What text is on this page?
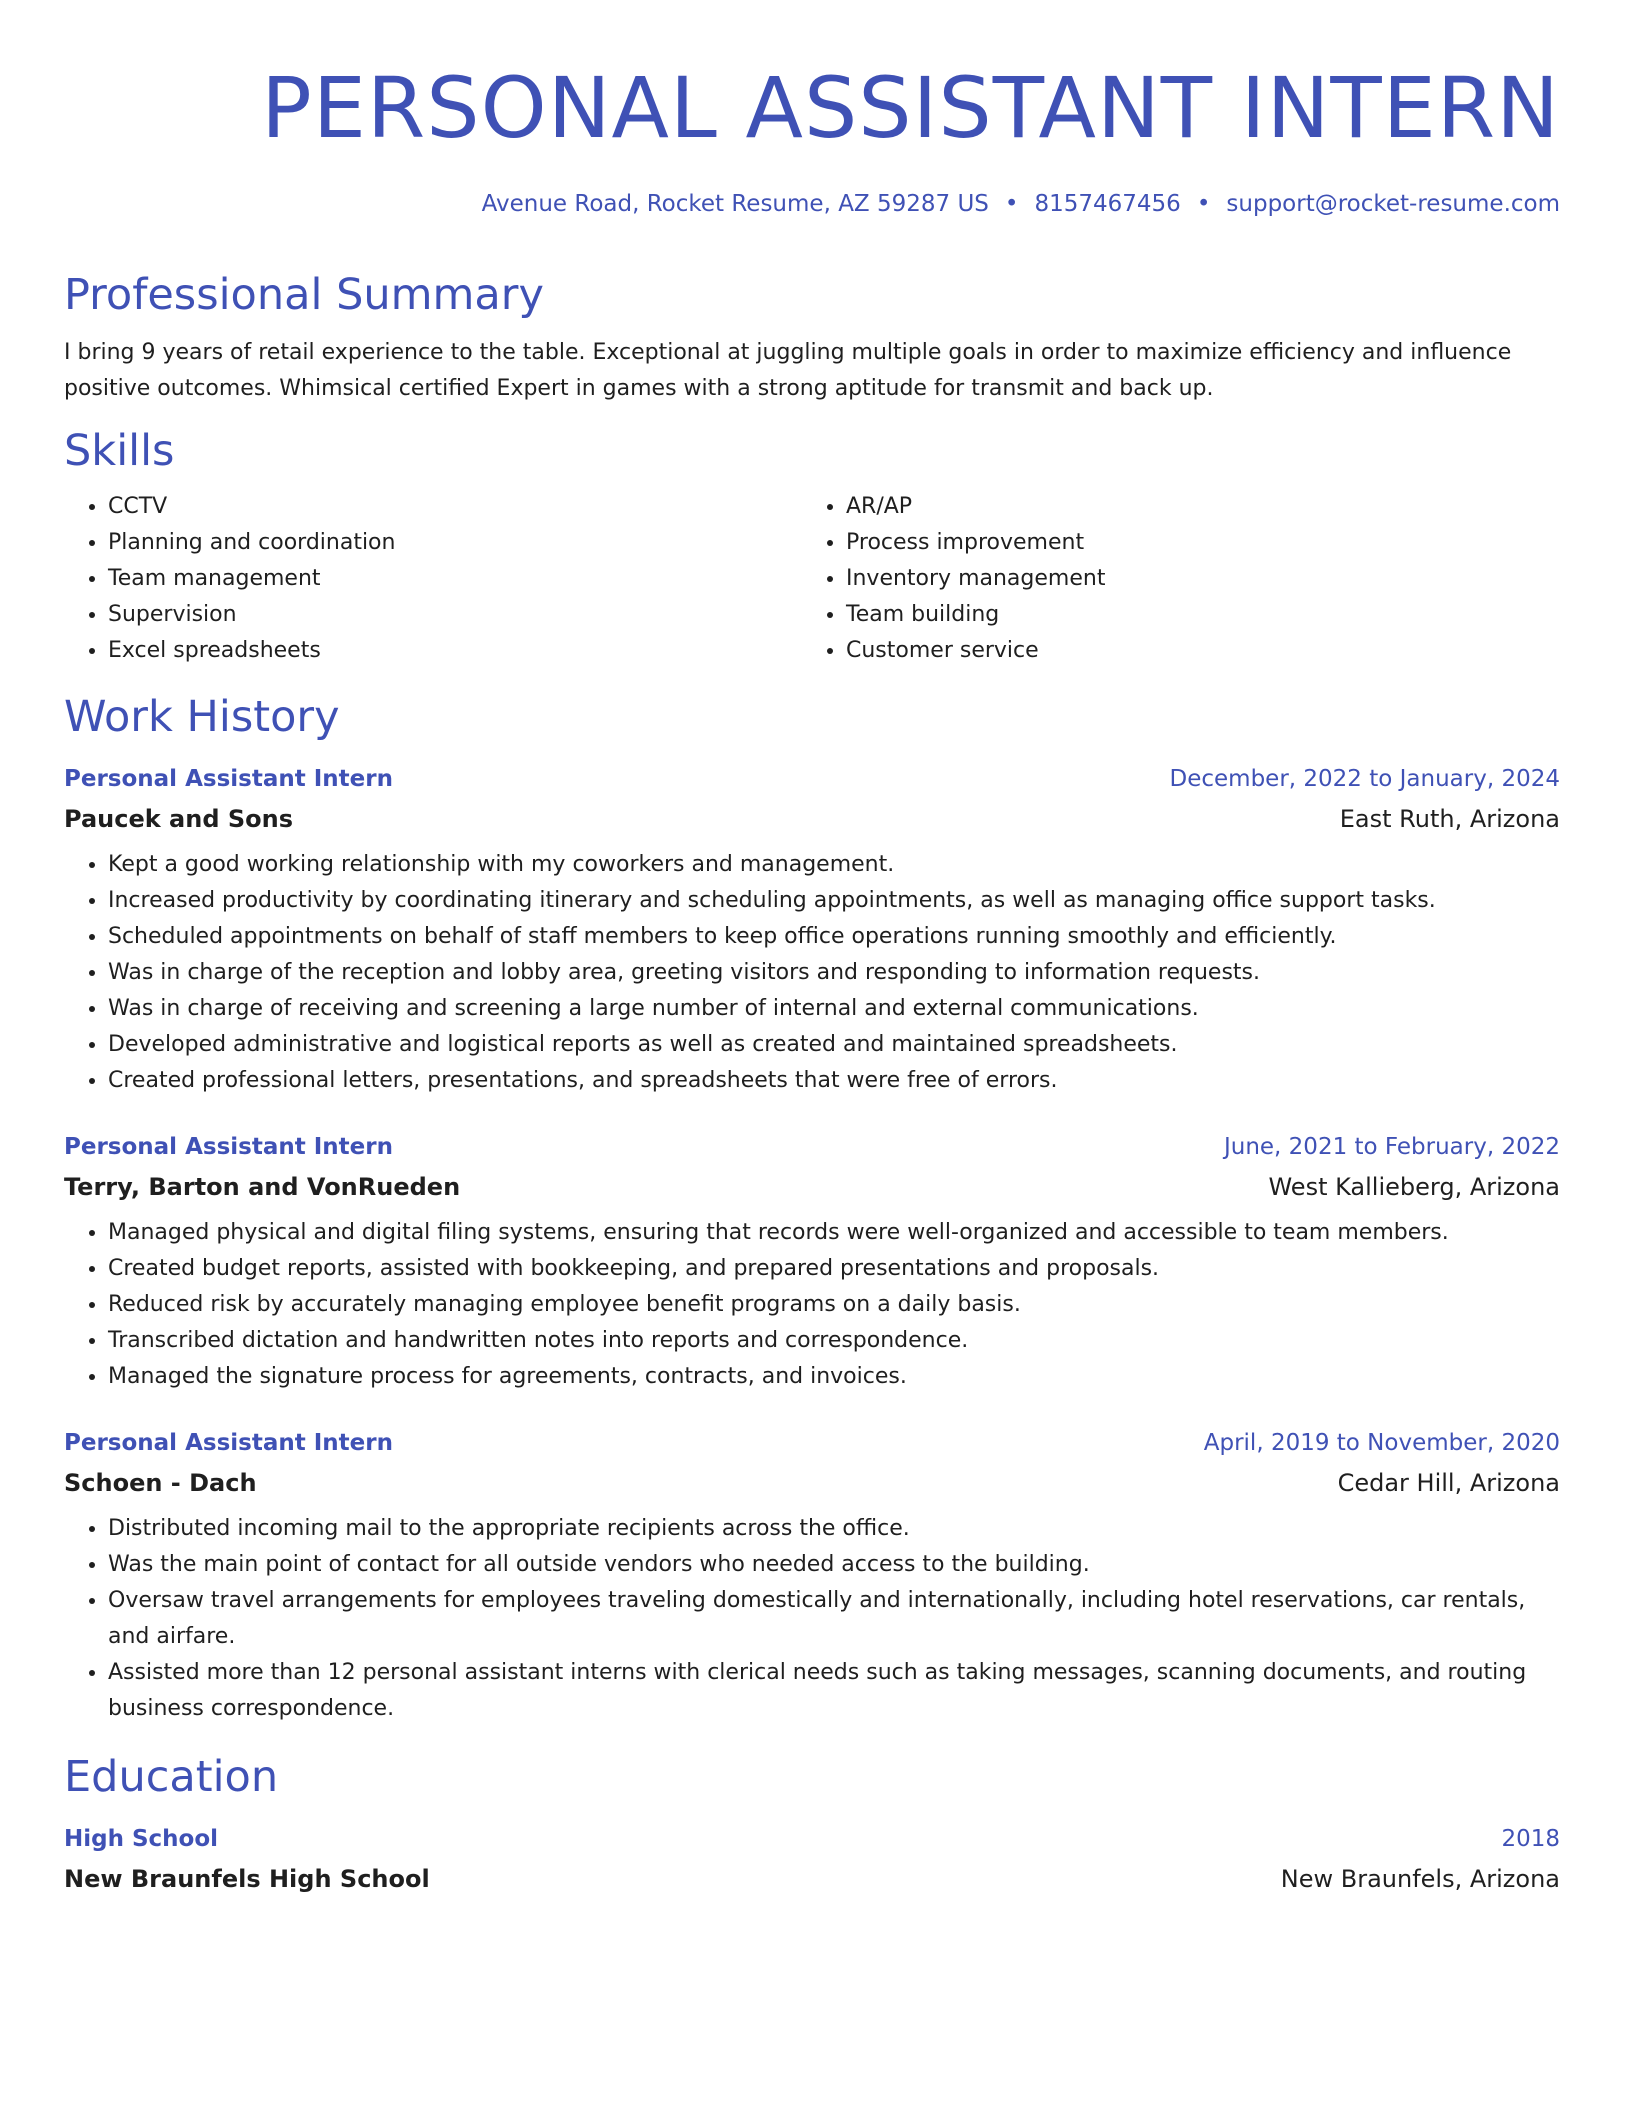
PERSONAL ASSISTANT INTERN
Avenue Road, Rocket Resume, AZ 59287 US • 8157467456 • support@rocket-resume.com
Professional Summary

I bring 9 years of retail experience to the table. Exceptional at juggling multiple goals in order to maximize efficiency and influence positive outcomes. Whimsical certified Expert in games with a strong aptitude for transmit and back up.

Skills
• CCTV
• Planning and coordination
• Team management
• Supervision
• Excel spreadsheets
• AR/AP
• Process improvement
• Inventory management
• Team building
• Customer service
Work History
Personal Assistant Intern	December, 2022 to January, 2024
Paucek and Sons	East Ruth, Arizona
• Kept a good working relationship with my coworkers and management.
• Increased productivity by coordinating itinerary and scheduling appointments, as well as managing office support tasks.
• Scheduled appointments on behalf of staff members to keep office operations running smoothly and efficiently.
• Was in charge of the reception and lobby area, greeting visitors and responding to information requests.
• Was in charge of receiving and screening a large number of internal and external communications.
• Developed administrative and logistical reports as well as created and maintained spreadsheets.
• Created professional letters, presentations, and spreadsheets that were free of errors.
Personal Assistant Intern	June, 2021 to February, 2022
Terry, Barton and VonRueden	West Kallieberg, Arizona
• Managed physical and digital filing systems, ensuring that records were well-organized and accessible to team members.
• Created budget reports, assisted with bookkeeping, and prepared presentations and proposals.
• Reduced risk by accurately managing employee benefit programs on a daily basis.
• Transcribed dictation and handwritten notes into reports and correspondence.
• Managed the signature process for agreements, contracts, and invoices.
Personal Assistant Intern	April, 2019 to November, 2020
Schoen - Dach	Cedar Hill, Arizona
• Distributed incoming mail to the appropriate recipients across the office.
• Was the main point of contact for all outside vendors who needed access to the building.
• Oversaw travel arrangements for employees traveling domestically and internationally, including hotel reservations, car rentals, and airfare.
• Assisted more than 12 personal assistant interns with clerical needs such as taking messages, scanning documents, and routing business correspondence.
Education
High School	2018
New Braunfels High School	New Braunfels, Arizona
